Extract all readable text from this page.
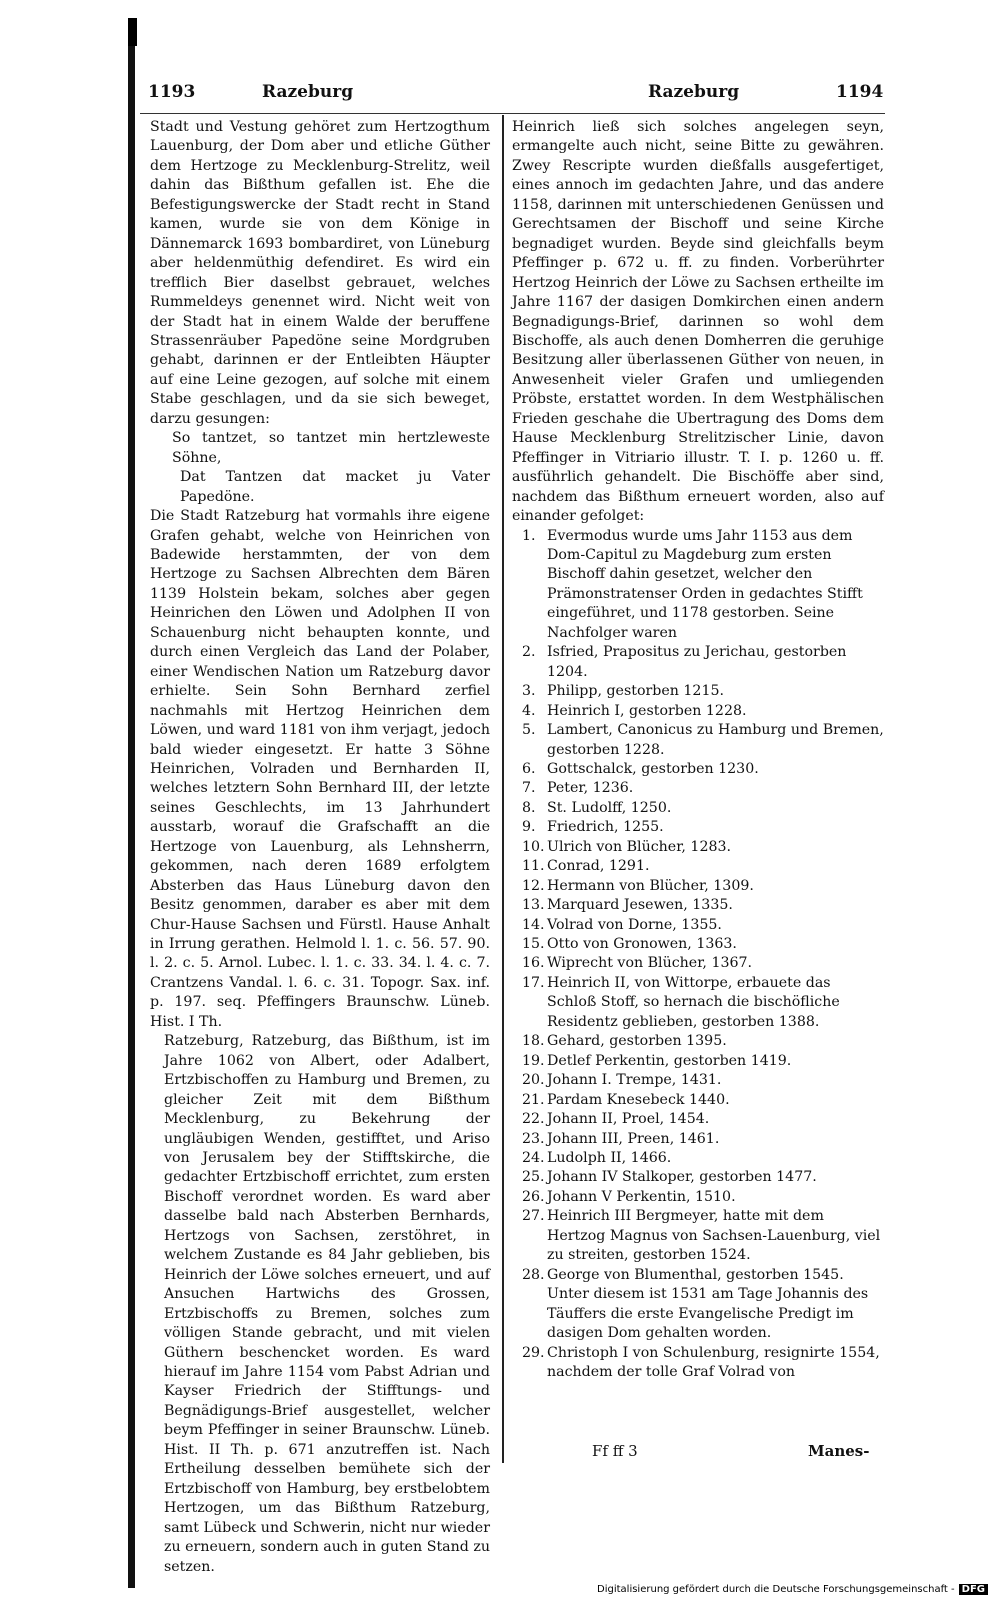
1193	Razeburg	Razeburg	1194

Stadt und Vestung gehöret zum Hertzogthum Lauenburg, der Dom aber und etliche Güther dem Hertzoge zu Mecklenburg-Strelitz, weil dahin das Bißthum gefallen ist. Ehe die Befestigungswercke der Stadt recht in Stand kamen, wurde sie von dem Könige in Dännemarck 1693 bombardiret, von Lüneburg aber heldenmüthig defendiret. Es wird ein trefflich Bier daselbst gebrauet, welches Rummeldeys genennet wird. Nicht weit von der Stadt hat in einem Walde der beruffene Strassenräuber Papedöne seine Mordgruben gehabt, darinnen er der Entleibten Häupter auf eine Leine gezogen, auf solche mit einem Stabe geschlagen, und da sie sich beweget, darzu gesungen:

So tantzet, so tantzet min hertzleweste Söhne,

Dat Tantzen dat macket ju Vater Papedöne.

Die Stadt Ratzeburg hat vormahls ihre eigene Grafen gehabt, welche von Heinrichen von Badewide herstammten, der von dem Hertzoge zu Sachsen Albrechten dem Bären 1139 Holstein bekam, solches aber gegen Heinrichen den Löwen und Adolphen II von Schauenburg nicht behaupten konnte, und durch einen Vergleich das Land der Polaber, einer Wendischen Nation um Ratzeburg davor erhielte. Sein Sohn Bernhard zerfiel nachmahls mit Hertzog Heinrichen dem Löwen, und ward 1181 von ihm verjagt, jedoch bald wieder eingesetzt. Er hatte 3 Söhne Heinrichen, Volraden und Bernharden II, welches letztern Sohn Bernhard III, der letzte seines Geschlechts, im 13 Jahrhundert ausstarb, worauf die Grafschafft an die Hertzoge von Lauenburg, als Lehnsherrn, gekommen, nach deren 1689 erfolgtem Absterben das Haus Lüneburg davon den Besitz genommen, daraber es aber mit dem Chur-Hause Sachsen und Fürstl. Hause Anhalt in Irrung gerathen. Helmold l. 1. c. 56. 57. 90. l. 2. c. 5. Arnol. Lubec. l. 1. c. 33. 34. l. 4. c. 7. Crantzens Vandal. l. 6. c. 31. Topogr. Sax. inf. p. 197. seq. Pfeffingers Braunschw. Lüneb. Hist. I Th.

Ratzeburg, Ratzeburg, das Bißthum, ist im Jahre 1062 von Albert, oder Adalbert, Ertzbischoffen zu Hamburg und Bremen, zu gleicher Zeit mit dem Bißthum Mecklenburg, zu Bekehrung der ungläubigen Wenden, gestifftet, und Ariso von Jerusalem bey der Stifftskirche, die gedachter Ertzbischoff errichtet, zum ersten Bischoff verordnet worden. Es ward aber dasselbe bald nach Absterben Bernhards, Hertzogs von Sachsen, zerstöhret, in welchem Zustande es 84 Jahr geblieben, bis Heinrich der Löwe solches erneuert, und auf Ansuchen Hartwichs des Grossen, Ertzbischoffs zu Bremen, solches zum völligen Stande gebracht, und mit vielen Güthern beschencket worden. Es ward hierauf im Jahre 1154 vom Pabst Adrian und Kayser Friedrich der Stifftungs- und Begnädigungs-Brief ausgestellet, welcher beym Pfeffinger in seiner Braunschw. Lüneb. Hist. II Th. p. 671 anzutreffen ist. Nach Ertheilung desselben bemühete sich der Ertzbischoff von Hamburg, bey erstbelobtem Hertzogen, um das Bißthum Ratzeburg, samt Lübeck und Schwerin, nicht nur wieder zu erneuern, sondern auch in guten Stand zu setzen.

Heinrich ließ sich solches angelegen seyn, ermangelte auch nicht, seine Bitte zu gewähren. Zwey Rescripte wurden dießfalls ausgefertiget, eines annoch im gedachten Jahre, und das andere 1158, darinnen mit unterschiedenen Genüssen und Gerechtsamen der Bischoff und seine Kirche begnadiget wurden. Beyde sind gleichfalls beym Pfeffinger p. 672 u. ff. zu finden. Vorberührter Hertzog Heinrich der Löwe zu Sachsen ertheilte im Jahre 1167 der dasigen Domkirchen einen andern Begnadigungs-Brief, darinnen so wohl dem Bischoffe, als auch denen Domherren die geruhige Besitzung aller überlassenen Güther von neuen, in Anwesenheit vieler Grafen und umliegenden Pröbste, erstattet worden. In dem Westphälischen Frieden geschahe die Ubertragung des Doms dem Hause Mecklenburg Strelitzischer Linie, davon Pfeffinger in Vitriario illustr. T. I. p. 1260 u. ff. ausführlich gehandelt. Die Bischöffe aber sind, nachdem das Bißthum erneuert worden, also auf einander gefolget:

1. Evermodus wurde ums Jahr 1153 aus dem Dom-Capitul zu Magdeburg zum ersten Bischoff dahin gesetzet, welcher den Prämonstratenser Orden in gedachtes Stifft eingeführet, und 1178 gestorben. Seine Nachfolger waren
2. Isfried, Prapositus zu Jerichau, gestorben 1204.
3. Philipp, gestorben 1215.
4. Heinrich I, gestorben 1228.
5. Lambert, Canonicus zu Hamburg und Bremen, gestorben 1228.
6. Gottschalck, gestorben 1230.
7. Peter, 1236.
8. St. Ludolff, 1250.
9. Friedrich, 1255.
10. Ulrich von Blücher, 1283.
11. Conrad, 1291.
12. Hermann von Blücher, 1309.
13. Marquard Jesewen, 1335.
14. Volrad von Dorne, 1355.
15. Otto von Gronowen, 1363.
16. Wiprecht von Blücher, 1367.
17. Heinrich II, von Wittorpe, erbauete das Schloß Stoff, so hernach die bischöfliche Residentz geblieben, gestorben 1388.
18. Gehard, gestorben 1395.
19. Detlef Perkentin, gestorben 1419.
20. Johann I. Trempe, 1431.
21. Pardam Knesebeck 1440.
22. Johann II, Proel, 1454.
23. Johann III, Preen, 1461.
24. Ludolph II, 1466.
25. Johann IV Stalkoper, gestorben 1477.
26. Johann V Perkentin, 1510.
27. Heinrich III Bergmeyer, hatte mit dem Hertzog Magnus von Sachsen-Lauenburg, viel zu streiten, gestorben 1524.
28. George von Blumenthal, gestorben 1545. Unter diesem ist 1531 am Tage Johannis des Täuffers die erste Evangelische Predigt im dasigen Dom gehalten worden.
29. Christoph I von Schulenburg, resignirte 1554, nachdem der tolle Graf Volrad von
Ff ff 3	Manes-
Digitalisierung gefördert durch die Deutsche Forschungsgemeinschaft - DFG
